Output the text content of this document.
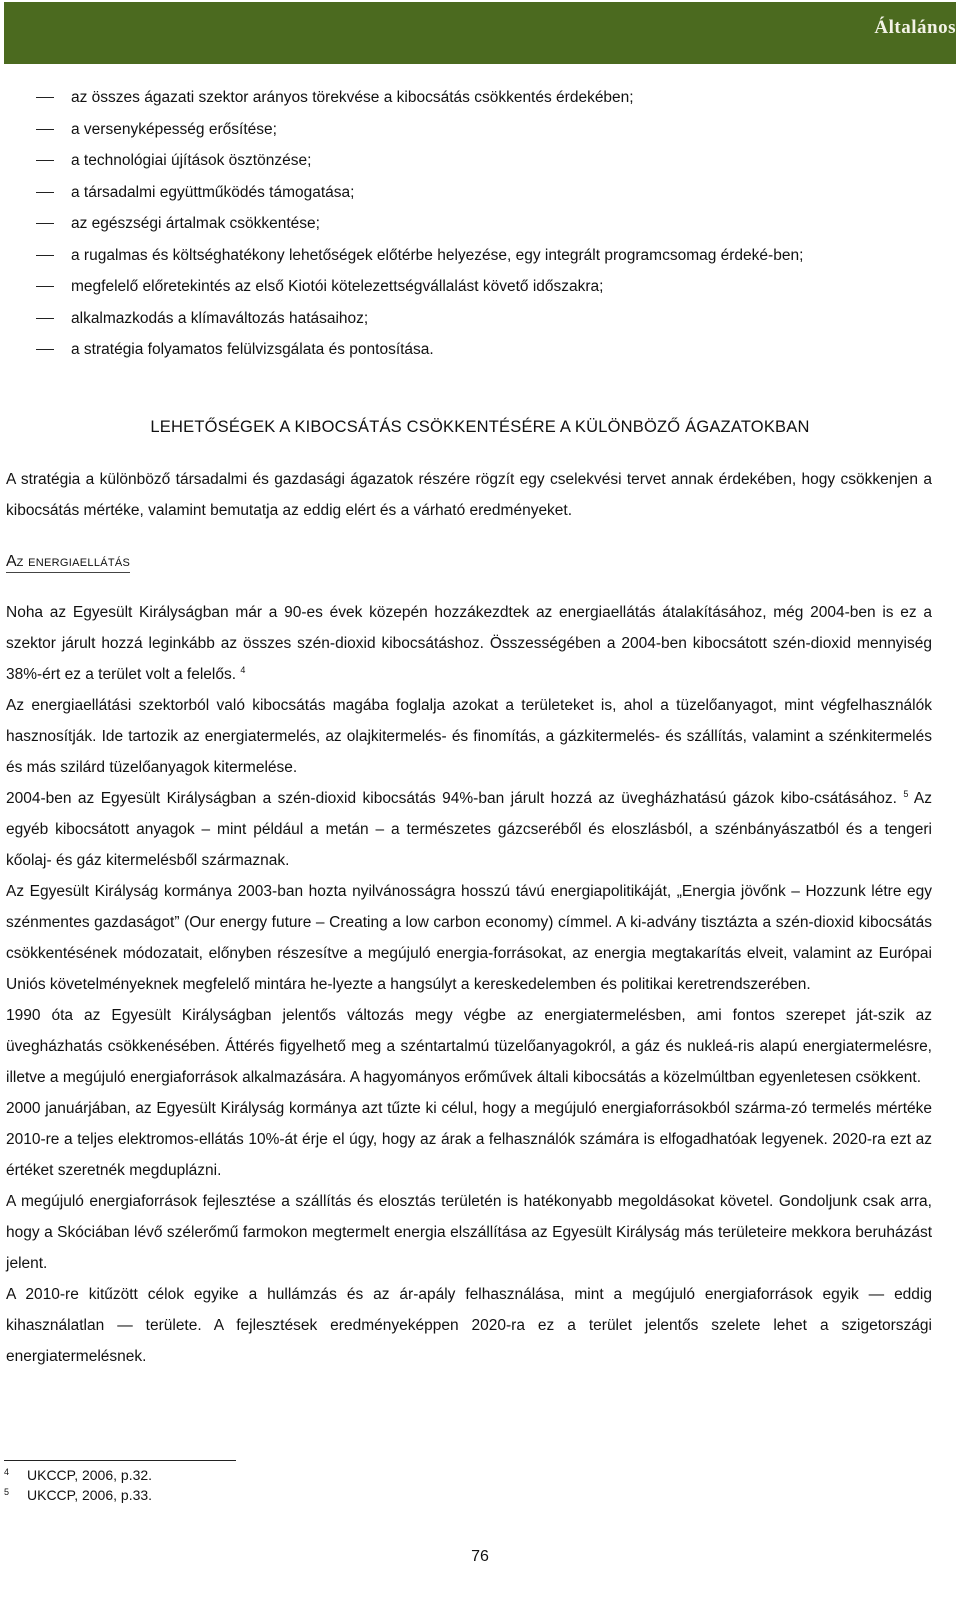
Általános
az összes ágazati szektor arányos törekvése a kibocsátás csökkentés érdekében;
a versenyképesség erősítése;
a technológiai újítások ösztönzése;
a társadalmi együttműködés támogatása;
az egészségi ártalmak csökkentése;
a rugalmas és költséghatékony lehetőségek előtérbe helyezése, egy integrált programcsomag érdeké-ben;
megfelelő előretekintés az első Kiotói kötelezettségvállalást követő időszakra;
alkalmazkodás a klímaváltozás hatásaihoz;
a stratégia folyamatos felülvizsgálata és pontosítása.
LEHETŐSÉGEK A KIBOCSÁTÁS CSÖKKENTÉSÉRE A KÜLÖNBÖZŐ ÁGAZATOKBAN

A stratégia a különböző társadalmi és gazdasági ágazatok részére rögzít egy cselekvési tervet annak érdekében, hogy csökkenjen a kibocsátás mértéke, valamint bemutatja az eddig elért és a várható eredményeket.

AZ ENERGIAELLÁTÁS

Noha az Egyesült Királyságban már a 90-es évek közepén hozzákezdtek az energiaellátás átalakításához, még 2004-ben is ez a szektor járult hozzá leginkább az összes szén-dioxid kibocsátáshoz. Összességében a 2004-ben kibocsátott szén-dioxid mennyiség 38%-ért ez a terület volt a felelős. $^4$

Az energiaellátási szektorból való kibocsátás magába foglalja azokat a területeket is, ahol a tüzelőanyagot, mint végfelhasználók hasznosítják. Ide tartozik az energiatermelés, az olajkitermelés- és finomítás, a gázkitermelés- és szállítás, valamint a szénkitermelés és más szilárd tüzelőanyagok kitermelése.

2004-ben az Egyesült Királyságban a szén-dioxid kibocsátás 94%-ban járult hozzá az üvegházhatású gázok kibo-csátásához. $^5$ Az egyéb kibocsátott anyagok – mint például a metán – a természetes gázcseréből és eloszlásból, a szénbányászatból és a tengeri kőolaj- és gáz kitermelésből származnak.

Az Egyesült Királyság kormánya 2003-ban hozta nyilvánosságra hosszú távú energiapolitikáját, „Energia jövőnk – Hozzunk létre egy szénmentes gazdaságot” (Our energy future – Creating a low carbon economy) címmel. A ki-advány tisztázta a szén-dioxid kibocsátás csökkentésének módozatait, előnyben részesítve a megújuló energia-forrásokat, az energia megtakarítás elveit, valamint az Európai Uniós követelményeknek megfelelő mintára he-lyezte a hangsúlyt a kereskedelemben és politikai keretrendszerében.

1990 óta az Egyesült Királyságban jelentős változás megy végbe az energiatermelésben, ami fontos szerepet ját-szik az üvegházhatás csökkenésében. Áttérés figyelhető meg a széntartalmú tüzelőanyagokról, a gáz és nukleá-ris alapú energiatermelésre, illetve a megújuló energiaforrások alkalmazására. A hagyományos erőművek általi kibocsátás a közelmúltban egyenletesen csökkent.

2000 januárjában, az Egyesült Királyság kormánya azt tűzte ki célul, hogy a megújuló energiaforrásokból szárma-zó termelés mértéke 2010-re a teljes elektromos-ellátás 10%-át érje el úgy, hogy az árak a felhasználók számára is elfogadhatóak legyenek. 2020-ra ezt az értéket szeretnék megduplázni.

A megújuló energiaforrások fejlesztése a szállítás és elosztás területén is hatékonyabb megoldásokat követel. Gondoljunk csak arra, hogy a Skóciában lévő szélerőmű farmokon megtermelt energia elszállítása az Egyesült Királyság más területeire mekkora beruházást jelent.

A 2010-re kitűzött célok egyike a hullámzás és az ár-apály felhasználása, mint a megújuló energiaforrások egyik — eddig kihasználatlan — területe. A fejlesztések eredményeképpen 2020-ra ez a terület jelentős szelete lehet a szigetországi energiatermelésnek.

4 UKCCP, 2006, p.32.
5 UKCCP, 2006, p.33.
76
